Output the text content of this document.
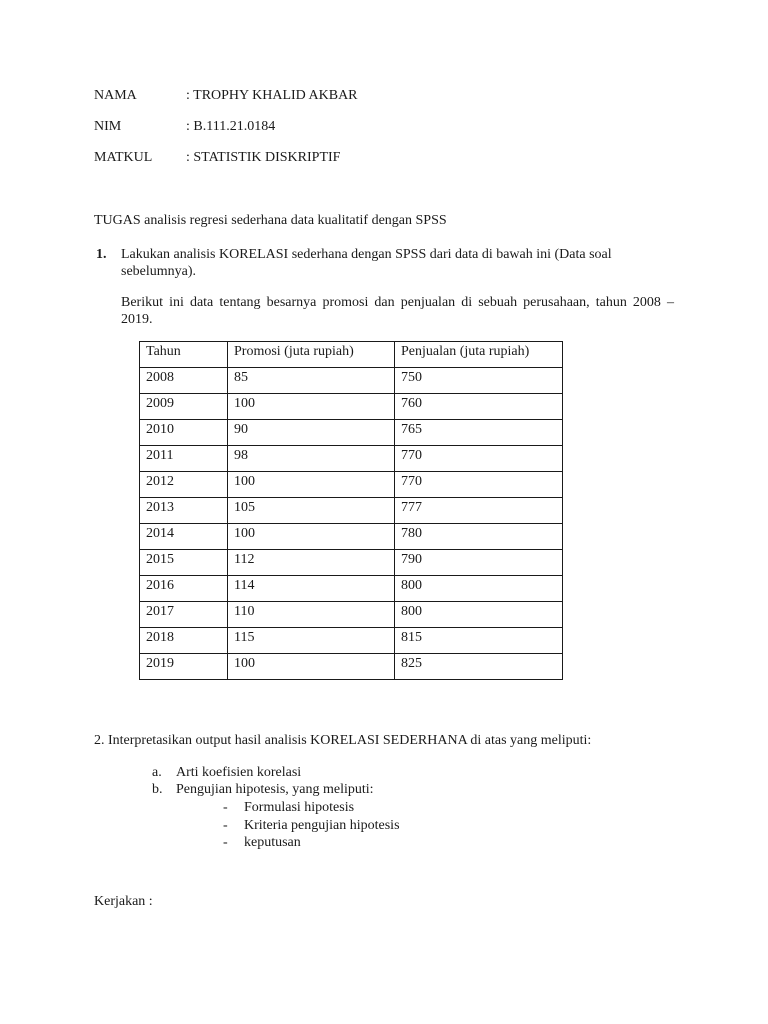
NAMA	: TROPHY KHALID AKBAR
NIM	: B.111.21.0184
MATKUL : STATISTIK DISKRIPTIF
TUGAS analisis regresi sederhana data kualitatif dengan SPSS
1. Lakukan analisis KORELASI sederhana dengan SPSS dari data di bawah ini (Data soal sebelumnya).
Berikut ini data tentang besarnya promosi dan penjualan di sebuah perusahaan, tahun 2008 – 2019.
Tahun	Promosi (juta rupiah)	Penjualan (juta rupiah)
2008	85	750
2009	100	760
2010	90	765
2011	98	770
2012	100	770
2013	105	777
2014	100	780
2015	112	790
2016	114	800
2017	110	800
2018	115	815
2019	100	825
2. Interpretasikan output hasil analisis KORELASI SEDERHANA di atas yang meliputi:
a. Arti koefisien korelasi
b. Pengujian hipotesis, yang meliputi:
- Formulasi hipotesis
- Kriteria pengujian hipotesis
- keputusan
Kerjakan :
